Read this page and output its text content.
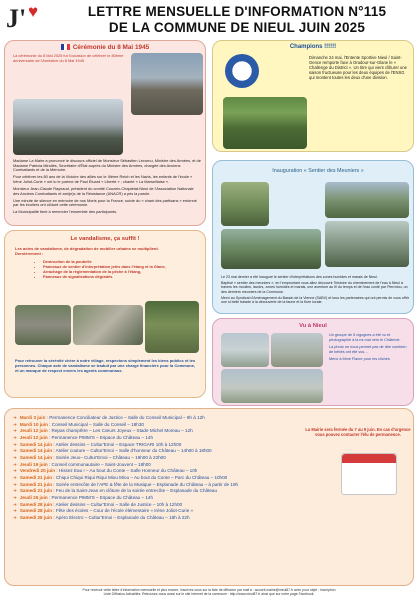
J' ♥	LETTRE MENSUELLE D'INFORMATION N°115
DE LA COMMUNE DE NIEUL JUIN 2025
Cérémonie du 8 Mai 1945

La cérémonie du 8 Mai 2025 fut l'occasion de célébrer le 80ème anniversaire de l'Armistice du 8 Mai 1945

Madame La Maire a prononcé le discours officiel de Monsieur Sébastien Lecornu, Ministre des Armées, et de Madame Patricia Mirallès, Secrétaire d'État auprès du Ministre des Armées, chargée des Anciens Combattants et de la Mémoire.

Pour célébrer les 80 ans de la Victoire des alliés sur le IIIème Reich et les Nazis, les enfants de l'école « Irène Joliot-Curie » ont lu le poème de Paul Éluard « Liberté » ; chanté « La Marseillaise ».

Monsieur Jean-Claude Raynaud, président du comité Couzeix-Chaptelat-Nieul de l'Association Nationale des Anciens Combattants et ami(e)s de la Résistance (ANACR) a pris la parole.

Une minute de silence en mémoire de nos Morts pour la France, suivie du « chant des partisans » entonné par les écoliers ont clôturé cette cérémonie.

La Municipalité tient à remercier l'ensemble des participants.

Champions !!!!!!

Dimanche 24 mai, l'Entente Sportive Nieul / Saint-Gence remporte face à Oradour-sur-Glane le « Challenge du District ». Un titre qui vient clôturer une saison fructueuse pour les deux équipes de l'ENSG qui montent toutes les deux d'une division.

Inauguration « Sentier des Meuniers »

Le 23 mai dernier a été inauguré le sentier d'interprétations des zones humides et marais de Nieul.

Baptisé « sentier des meuniers », en l'empruntant vous allez découvrir l'histoire du cheminement de l'eau à Nieul à travers les moulins, lavoirs, zones humides et marais, une aventure au fil du temps et de l'eau conté par Pierrotou, un des derniers meuniers de la Commune.

Merci au Syndicat d'Aménagement du Bassin de la Vienne (SABV) et tous les partenaires qui ont permis de vous offrir une si belle balade à la découverte de la faune et la flore locale.

Le vandalisme, ça suffit !
Les actes de vandalisme, de dégradation de mobilier urbains se multiplient.
Dernièrement :
• Destruction de la poubelle
• Panneaux de sentier d'interprétation jetés dans l'étang et la Glane,
• Arrachage de la réglementation de la pêche à l'étang,
• Panneaux de signalisations dégradés
Pour retrouver la sérénité chère à notre village, respectons simplement les biens publics et les personnes. Chaque acte de vandalisme se traduit par une charge financière pour la Commune, et un manque de respect envers les agents communaux.
Vu à Nieul

Un groupe de 5 cigognes a été vu et photographié à la mi-mai vers le Châtenet.

La photo ne nous permet pas de dire combien de bébés ont été vus…

Merci à Mme Fiacre pour les clichés

➔ Mardi 3 juin : Permanence Conciliateur de Justice – Salle du Conseil Municipal – 9h à 12h
➔ Mardi 10 juin : Conseil Municipal – Salle du Conseil – 18h30
➔ Jeudi 12 juin : Repas champêtre – Les Cœurs Joyeux – Stade Michel Moreau – 12h
➔ Jeudi 12 juin : Permanence PIMM'S – Espace du Château – 14h
➔ Samedi 14 juin : Atelier dessins – Cultur'Emoi – Espace TRIGARI 10h à 12h00
➔ Samedi 14 juin : Atelier couture – Cultur'Emoi – Salle d'honneur du Château – 14h00 à 18h00
➔ Samedi 14 juin : Soirée Jeux– Cultur'Emoi – Château – 19h00 à 22h00
➔ Jeudi 19 juin : Conseil communautaire – Saint-Jouvent – 18h00
➔ Vendredi 20 juin : Hissez Eau ! – Au bout du Conte – Salle Honneur du Château – 10h
➔ Samedi 21 juin : Chiqui Chiqui Riqui Riqui Miou Miou – Au bout du Conte – Parc du Château – 10h00
➔ Samedi 21 juin : Soirée entrecôte de l'APE & fête de la Musique – Esplanade du Château – à partir de 19h
➔ Samedi 21 juin : Feu de la Saint-Jean en clôture de la soirée entrecôte – Esplanade du Château
➔ Jeudi 26 juin : Permanence PIMM'S – Espace du Château – 14h
➔ Samedi 28 juin : Atelier dessins – Cultur'Emoi – Salle de Justice – 10h à 12h00
➔ Samedi 28 juin : Fête des écoles – Cour de l'école élémentaire « Irène Joliot-Curie »
➔ Samedi 28 juin : Apéro Electro – Cultur'Emoi – Esplanade du Château – 18h à 22h
La Mairie sera fermée du 7 au 9 juin. En cas d'urgence vous pouvez contacter l'élu de permanence.
Pour recevoir cette lettre d'information mensuelle et plus encore, inscrivez-vous sur la liste de diffusion par mail à : accueil-mairie@nieul87.fr avec pour objet : Inscription
Liste Diffusion Actualités. Retrouvez-nous aussi sur le site Internet de la commune : http://www.nieul87.fr ainsi que sur notre page Facebook.
